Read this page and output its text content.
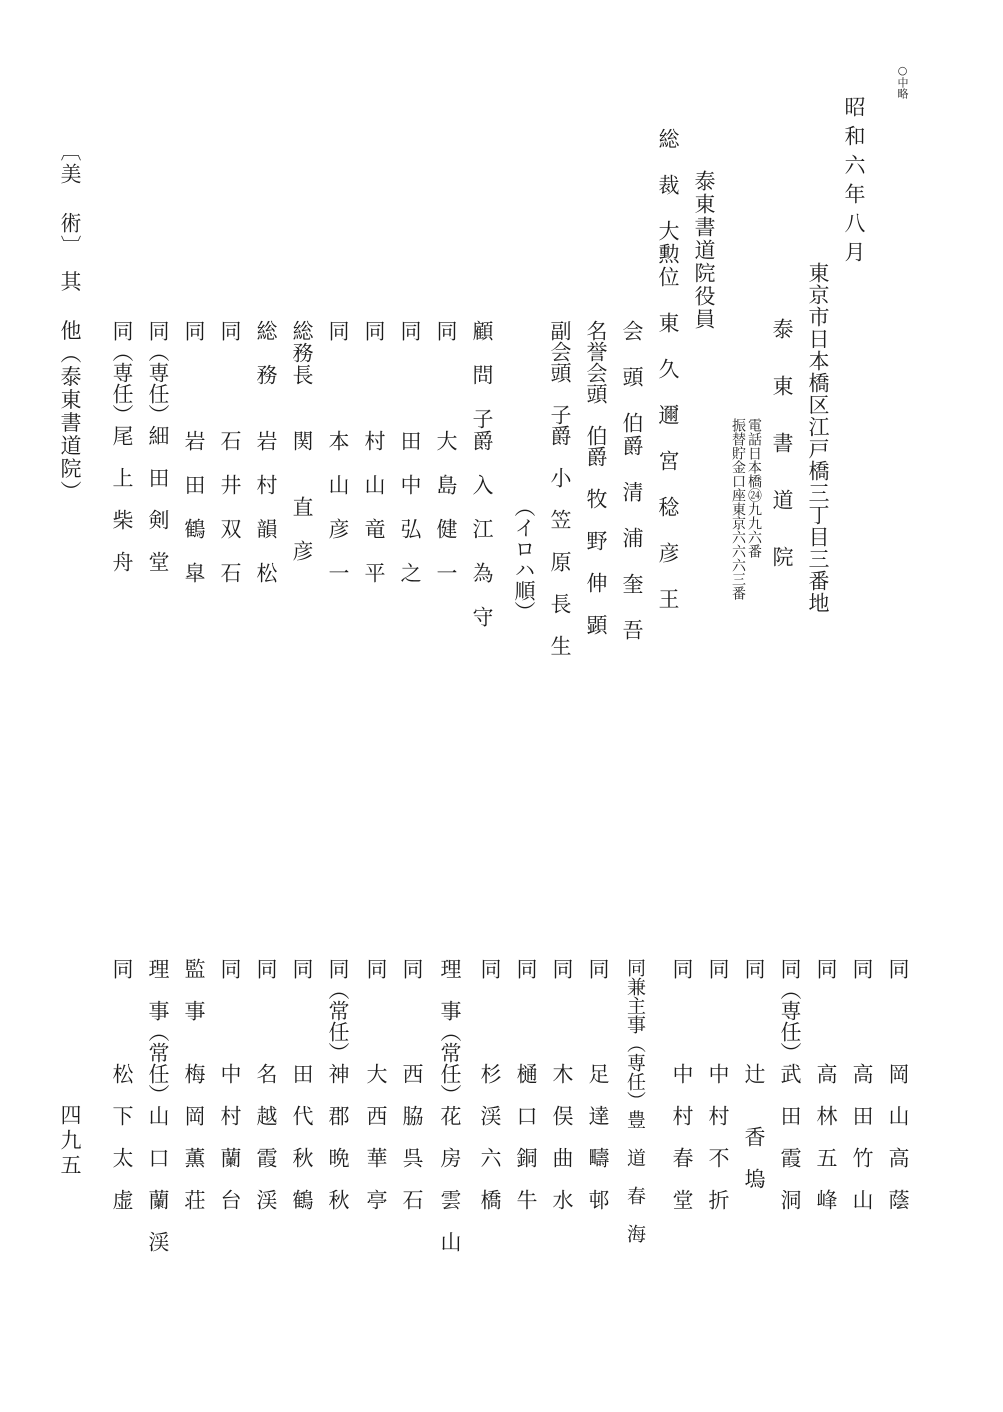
○中略
昭和六年八月
東京市日本橋区江戸橋三丁目三番地
泰 東 書 道 院
電話日本橋㉔九九六番
振替貯金口座東京六六六三番
泰東書道院役員
総　裁　大勲位　東　久　邇　宮　稔　彦　王
会　頭　伯爵　清　浦　奎　吾
名誉会頭　伯爵　牧　野　伸　顕
副会頭　子爵　小　笠　原　長　生
（イロハ順）
顧　問　子爵　入　江　為　守
同　　　　大　島　健　一
同　　　　田　中　弘　之
同　　　　村　山　竜　平
同　　　　本　山　彦　一
総務長　　関　　直　彦
総　務　　岩　村　韻　松
同　　　　石　井　双　石
同　　　　岩　田　鶴　皐
同（専任）細　田　剣　堂
同（専任）尾　上　柴　舟
〔美 術〕　其 他（泰東書道院）
同　　　　岡　山　高　蔭
同　　　　高　田　竹　山
同　　　　高　林　五　峰
同（専任）武　田　霞　洞
同　　　　辻　　香　塢
同　　　　中　村　不　折
同　　　　中　村　春　堂
同兼主事（専任）豊　道　春　海
同　　　　足　達　疇　邨
同　　　　木　俣　曲　水
同　　　　樋　口　銅　牛
同　　　　杉　渓　六　橋
理　事（常任）花　房　雲　山
同　　　　西　脇　呉　石
同　　　　大　西　華　亭
同（常任）神　郡　晩　秋
同　　　　田　代　秋　鶴
同　　　　名　越　霞　渓
同　　　　中　村　蘭　台
監　事　　梅　岡　薫　荘
理　事（常任）山　口　蘭　渓
同　　　　松　下　太　虚
四九五
